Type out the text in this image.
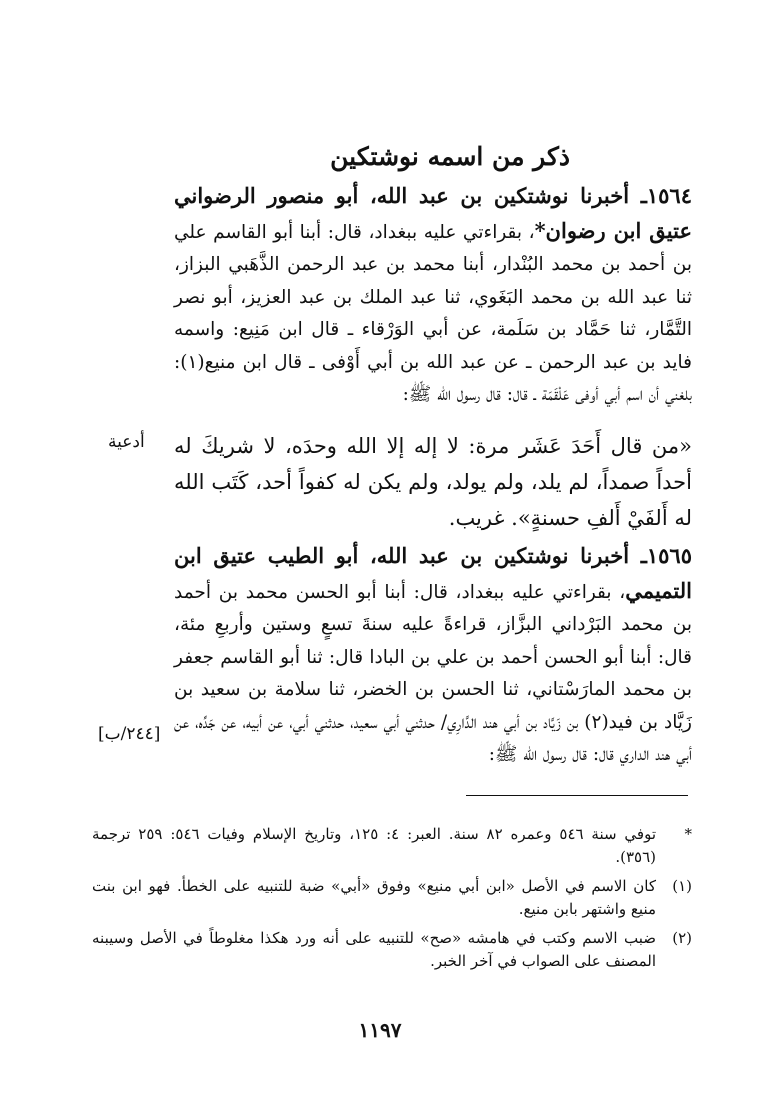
ذكر من اسمه نوشتكين

١٥٦٤ـ أخبرنا نوشتكين بن عبد الله، أبو منصور الرضواني عتيق ابن رضوان*، بقراءتي عليه ببغداد، قال: أبنا أبو القاسم علي بن أحمد بن محمد البُنْدار، أبنا محمد بن عبد الرحمن الذَّهَبي البزاز، ثنا عبد الله بن محمد البَغَوي، ثنا عبد الملك بن عبد العزيز، أبو نصر التَّمَّار، ثنا حَمَّاد بن سَلَمة، عن أبي الوَرْقاء ـ قال ابن مَنِيع: واسمه فايد بن عبد الرحمن ـ عن عبد الله بن أبي أَوْفى ـ قال ابن منيع(١): بلغني أن اسم أبي أوفى عَلْقَمَة ـ قال: قال رسول الله ﷺ:

«من قال أَحَدَ عَشَر مرة: لا إله إلا الله وحدَه، لا شريكَ له أحداً صمداً، لم يلد، ولم يولد، ولم يكن له كفواً أحد، كَتَب الله له أَلفَيْ أَلفِ حسنةٍ». غريب.
أدعية

١٥٦٥ـ أخبرنا نوشتكين بن عبد الله، أبو الطيب عتيق ابن التميمي، بقراءتي عليه ببغداد، قال: أبنا أبو الحسن محمد بن أحمد بن محمد البَرْداني البزَّاز، قراءةً عليه سنةَ تسعٍ وستين وأربعِ مئة، قال: أبنا أبو الحسن أحمد بن علي بن البادا قال: ثنا أبو القاسم جعفر بن محمد المارَسْتاني، ثنا الحسن بن الخضر، ثنا سلامة بن سعيد بن زَيَّاد بن فيد(٢) بن زَيَّاد بن أبي هند الدَّارِي/ حدثني أبي سعيد، حدثني أبي، عن أبيه، عن جَدِّه، عن أبي هند الداري قال: قال رسول الله ﷺ:

[٢٤٤/ب]
*
توفي سنة ٥٤٦ وعمره ٨٢ سنة. العبر: ٤: ١٢٥، وتاريخ الإسلام وفيات ٥٤٦: ٢٥٩ ترجمة (٣٥٦).
(١)
كان الاسم في الأصل «ابن أبي منيع» وفوق «أبي» ضبة للتنبيه على الخطأ. فهو ابن بنت منيع واشتهر بابن منيع.
(٢)
ضبب الاسم وكتب في هامشه «صح» للتنبيه على أنه ورد هكذا مغلوطاً في الأصل وسيبنه المصنف على الصواب في آخر الخبر.
١١٩٧
